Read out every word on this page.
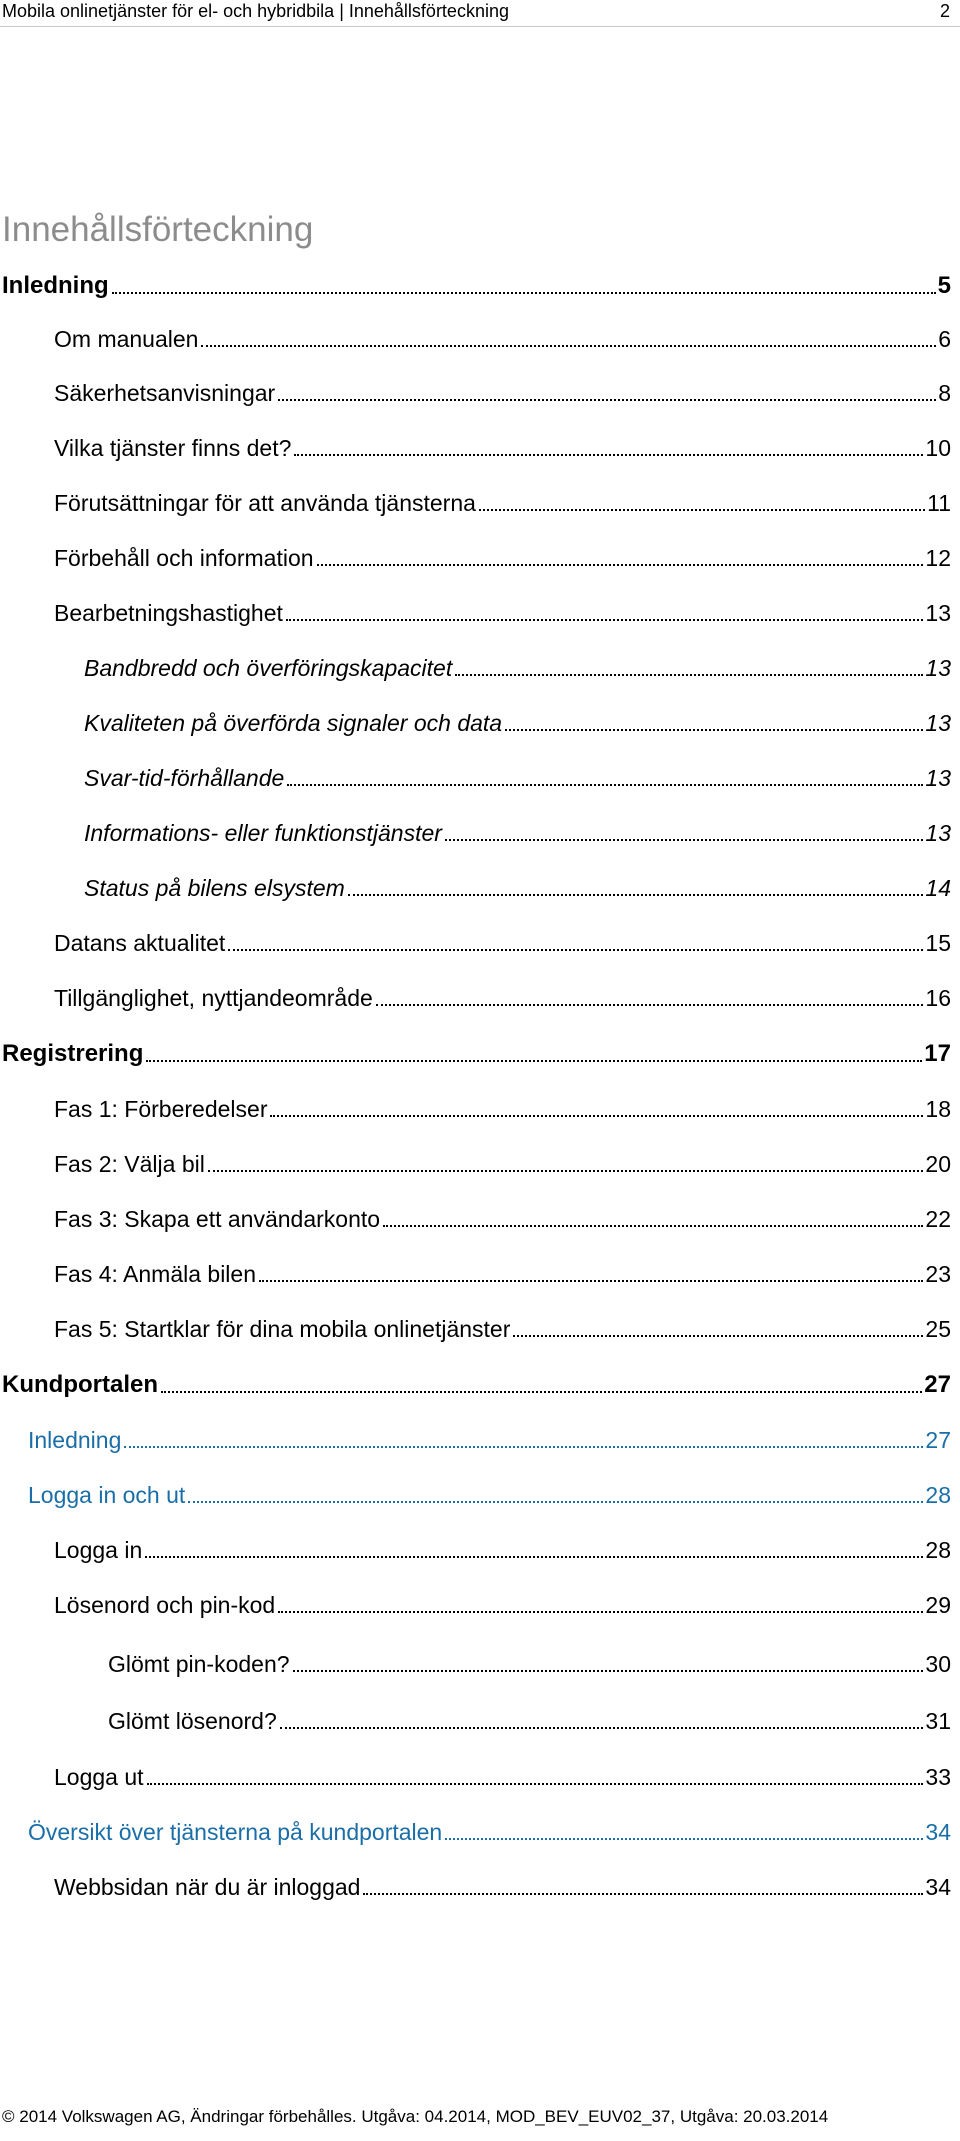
Mobila onlinetjänster för el- och hybridbila | Innehållsförteckning	2
Innehållsförteckning
Inledning	5
Om manualen	6
Säkerhetsanvisningar	8
Vilka tjänster finns det?	10
Förutsättningar för att använda tjänsterna	11
Förbehåll och information	12
Bearbetningshastighet	13
Bandbredd och överföringskapacitet	13
Kvaliteten på överförda signaler och data	13
Svar-tid-förhållande	13
Informations- eller funktionstjänster	13
Status på bilens elsystem	14
Datans aktualitet	15
Tillgänglighet, nyttjandeområde	16
Registrering	17
Fas 1: Förberedelser	18
Fas 2: Välja bil	20
Fas 3: Skapa ett användarkonto	22
Fas 4: Anmäla bilen	23
Fas 5: Startklar för dina mobila onlinetjänster	25
Kundportalen	27
Inledning	27
Logga in och ut	28
Logga in	28
Lösenord och pin-kod	29
Glömt pin-koden?	30
Glömt lösenord?	31
Logga ut	33
Översikt över tjänsterna på kundportalen	34
Webbsidan när du är inloggad	34
© 2014 Volkswagen AG, Ändringar förbehålles. Utgåva: 04.2014, MOD_BEV_EUV02_37, Utgåva: 20.03.2014
